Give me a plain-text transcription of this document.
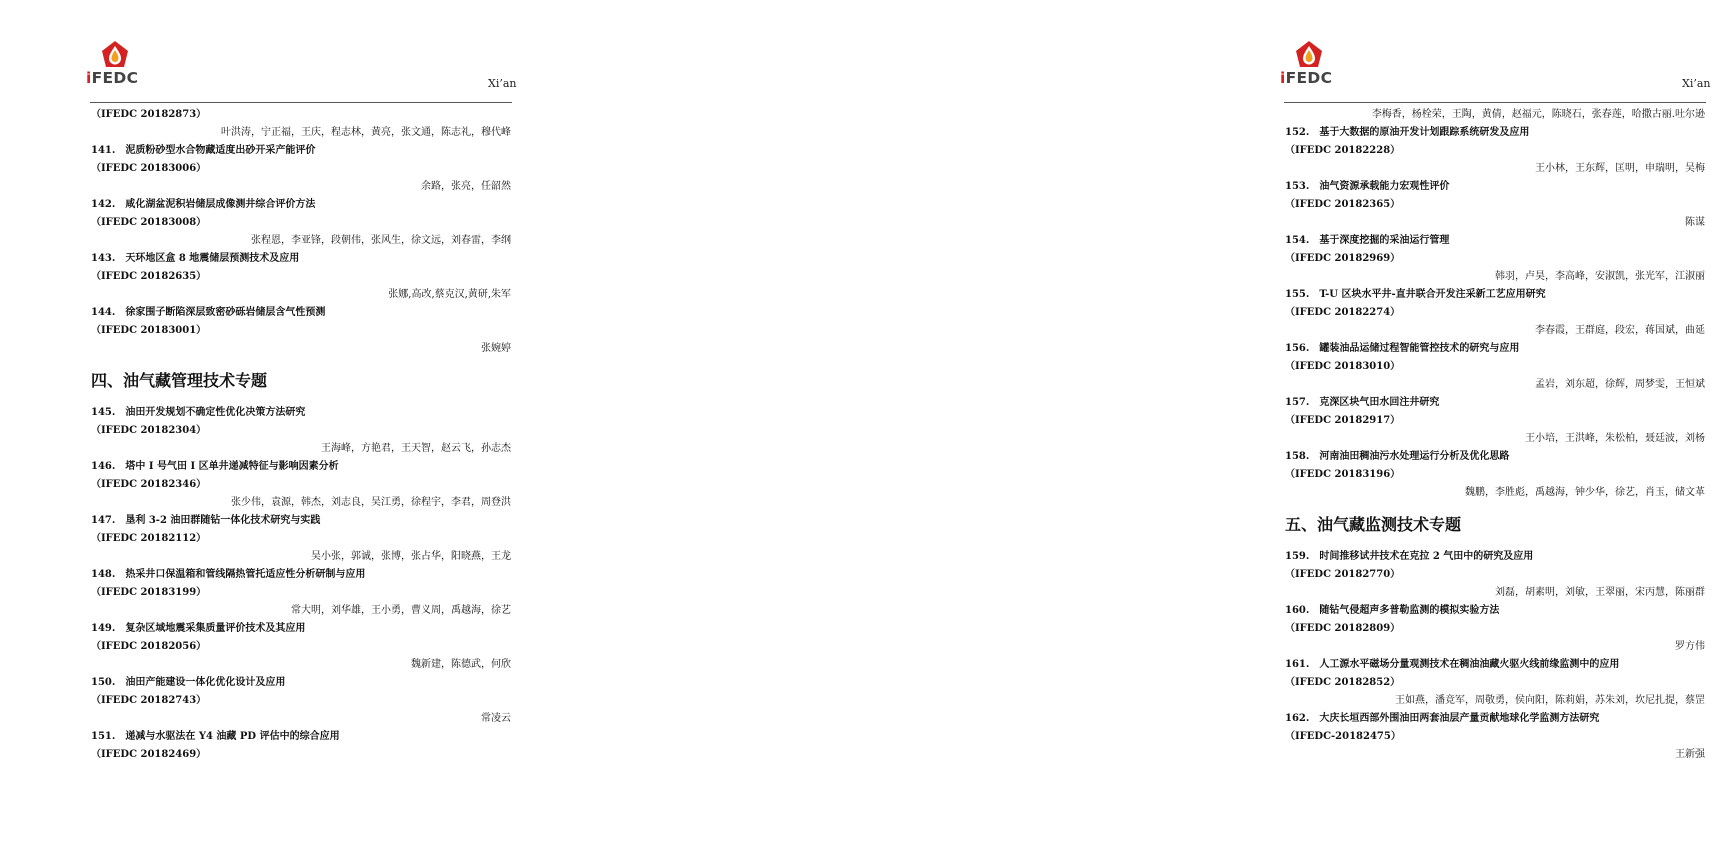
iFEDC	Xi’an
（IFEDC 20182873）
叶洪涛，宁正福，王庆，程志林，黄亮，张文通，陈志礼，穆代峰
141.　泥质粉砂型水合物藏适度出砂开采产能评价
（IFEDC 20183006）
余路，张亮，任韶然
142.　咸化湖盆泥积岩储层成像测井综合评价方法
（IFEDC 20183008）
张程恩，李亚锋，段朝伟，张风生，徐文远，刘春雷，李纲
143.　天环地区盒 8 地震储层预测技术及应用
（IFEDC 20182635）
张娜,高改,蔡克汉,黄研,朱军
144.　徐家围子断陷深层致密砂砾岩储层含气性预测
（IFEDC 20183001）
张婉婷
四、油气藏管理技术专题
145.　油田开发规划不确定性优化决策方法研究
（IFEDC 20182304）
王海峰，方艳君，王天智，赵云飞，孙志杰
146.　塔中 I 号气田 I 区单井递减特征与影响因素分析
（IFEDC 20182346）
张少伟，袁源，韩杰，刘志良，吴江勇，徐程宇，李君，周登洪
147.　垦利 3-2 油田群随钻一体化技术研究与实践
（IFEDC 20182112）
吴小张，郭诚，张博，张占华，阳晓燕，王龙
148.　热采井口保温箱和管线隔热管托适应性分析研制与应用
（IFEDC 20183199）
常大明，刘华雄，王小勇，曹义周，禹越海，徐艺
149.　复杂区域地震采集质量评价技术及其应用
（IFEDC 20182056）
魏新建，陈德武，何欣
150.　油田产能建设一体化优化设计及应用
（IFEDC 20182743）
常凌云
151.　递减与水驱法在 Y4 油藏 PD 评估中的综合应用
（IFEDC 20182469）
iFEDC	Xi’an
李梅香，杨栓荣，王陶，黄倩，赵福元，陈晓石，张春莲，哈撒古丽.吐尔逊
152.　基于大数据的原油开发计划跟踪系统研发及应用
（IFEDC 20182228）
王小林，王东辉，匡明，申瑞明，吴梅
153.　油气资源承载能力宏观性评价
（IFEDC 20182365）
陈谋
154.　基于深度挖掘的采油运行管理
（IFEDC 20182969）
韩羽，卢昊，李高峰，安淑凯，张光军，江淑丽
155.　T-U 区块水平井-直井联合开发注采新工艺应用研究
（IFEDC 20182274）
李春霞，王群庭，段宏，蒋国斌，曲延
156.　罐装油品运储过程智能管控技术的研究与应用
（IFEDC 20183010）
孟岩，刘东超，徐辉，周梦雯，王恒斌
157.　克深区块气田水回注井研究
（IFEDC 20182917）
王小培，王洪峰，朱松柏，聂廷波，刘杨
158.　河南油田稠油污水处理运行分析及优化思路
（IFEDC 20183196）
魏鹏，李胜彪，禹越海，钟少华，徐艺，肖玉，储文革
五、油气藏监测技术专题
159.　时间推移试井技术在克拉 2 气田中的研究及应用
（IFEDC 20182770）
刘磊，胡素明，刘敏，王翠丽，宋丙慧，陈丽群
160.　随钻气侵超声多普勒监测的模拟实验方法
（IFEDC 20182809）
罗方伟
161.　人工源水平磁场分量观测技术在稠油油藏火驱火线前缘监测中的应用
（IFEDC 20182852）
王如燕，潘竞军，周敬勇，侯向阳，陈莉娟，苏朱刘，坎尼扎提，蔡罡
162.　大庆长垣西部外围油田两套油层产量贡献地球化学监测方法研究
（IFEDC-20182475）
王新强
